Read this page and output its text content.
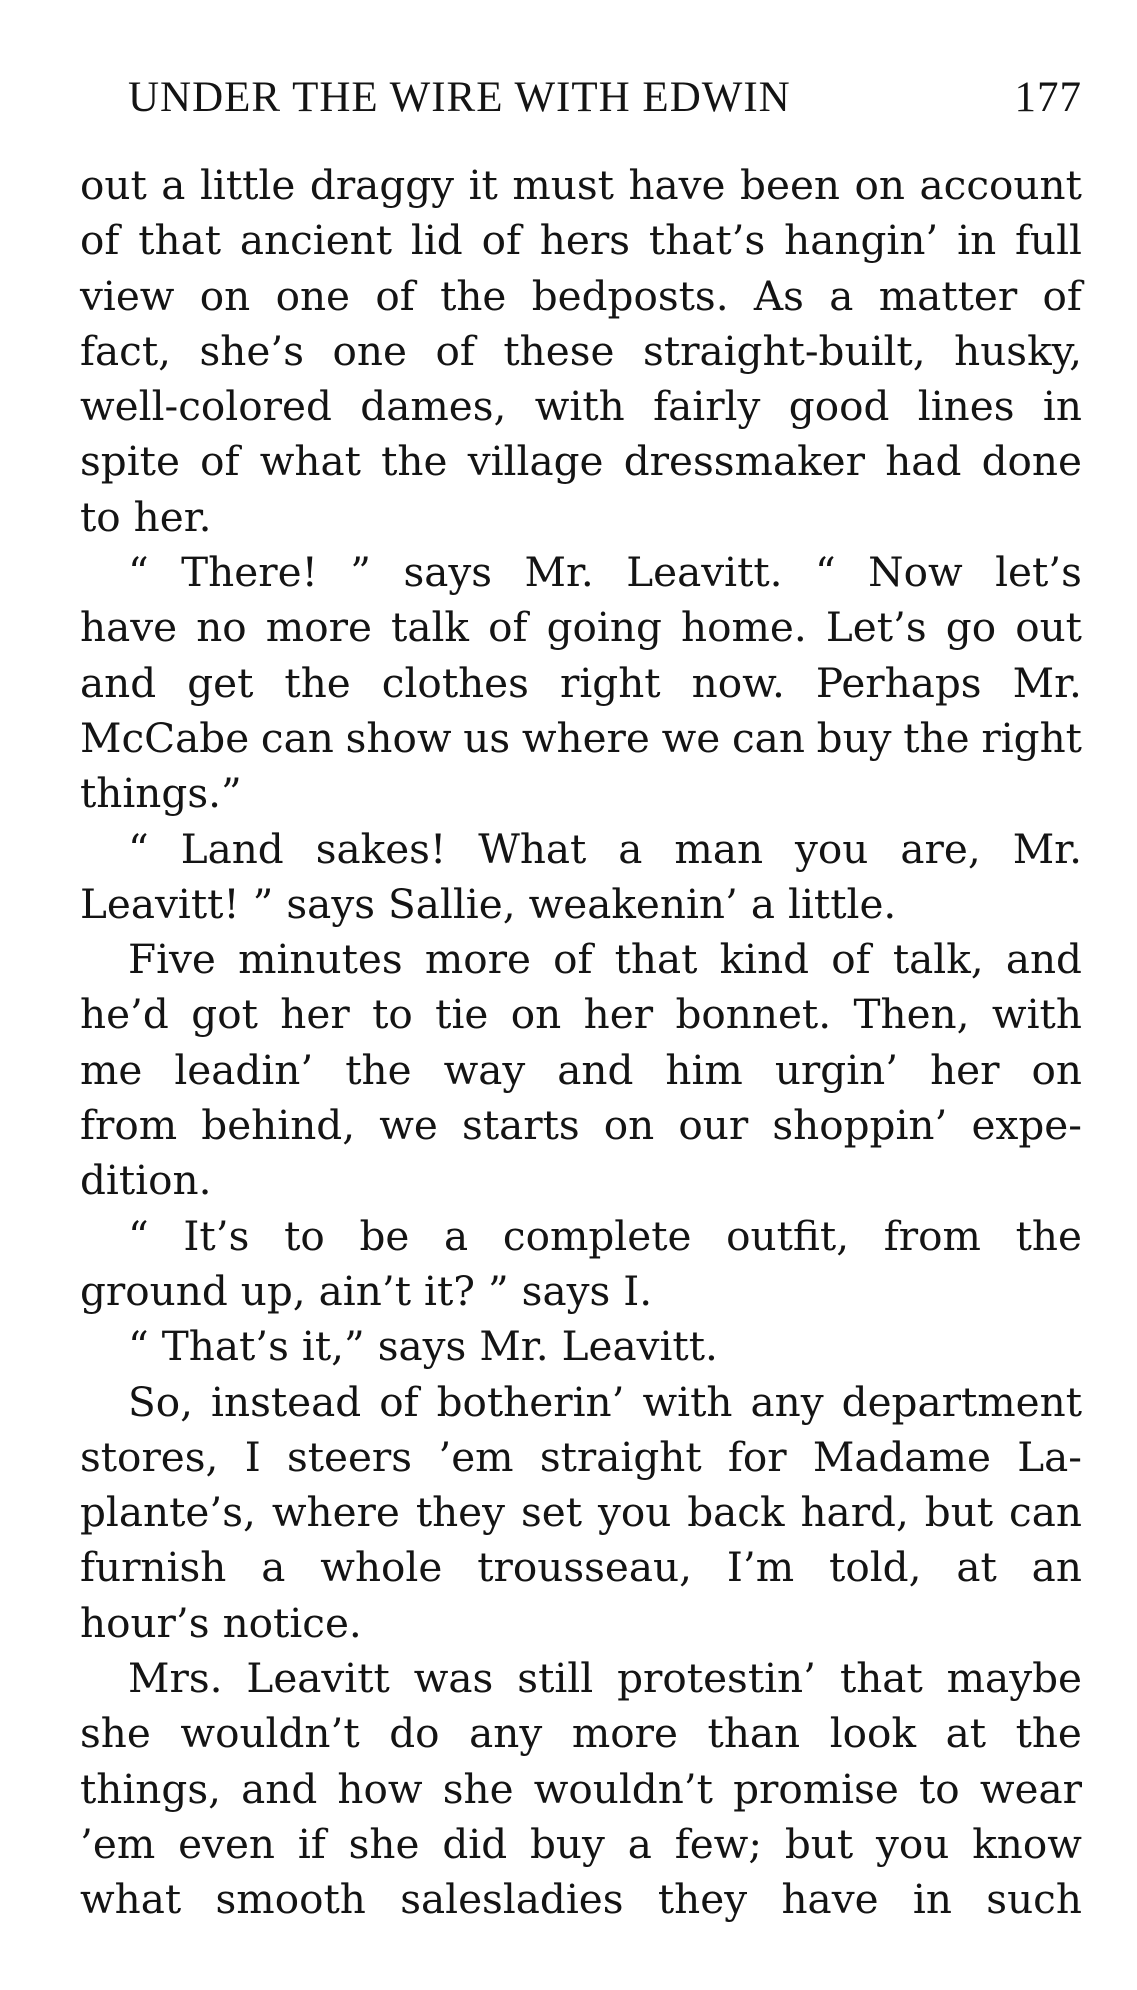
UNDER THE WIRE WITH EDWIN	177
out a little draggy it must have been on account
of that ancient lid of hers that’s hangin’ in full
view on one of the bedposts. As a matter of
fact, she’s one of these straight-built, husky,
well-colored dames, with fairly good lines in
spite of what the village dressmaker had done
to her.
“ There! ” says Mr. Leavitt. “ Now let’s
have no more talk of going home. Let’s go out
and get the clothes right now. Perhaps Mr.
McCabe can show us where we can buy the right
things.”
“ Land sakes! What a man you are, Mr.
Leavitt! ” says Sallie, weakenin’ a little.
Five minutes more of that kind of talk, and
he’d got her to tie on her bonnet. Then, with
me leadin’ the way and him urgin’ her on
from behind, we starts on our shoppin’ expe-
dition.
“ It’s to be a complete outfit, from the
ground up, ain’t it? ” says I.
“ That’s it,” says Mr. Leavitt.
So, instead of botherin’ with any department
stores, I steers ’em straight for Madame La-
plante’s, where they set you back hard, but can
furnish a whole trousseau, I’m told, at an
hour’s notice.
Mrs. Leavitt was still protestin’ that maybe
she wouldn’t do any more than look at the
things, and how she wouldn’t promise to wear
’em even if she did buy a few; but you know
what smooth salesladies they have in such
